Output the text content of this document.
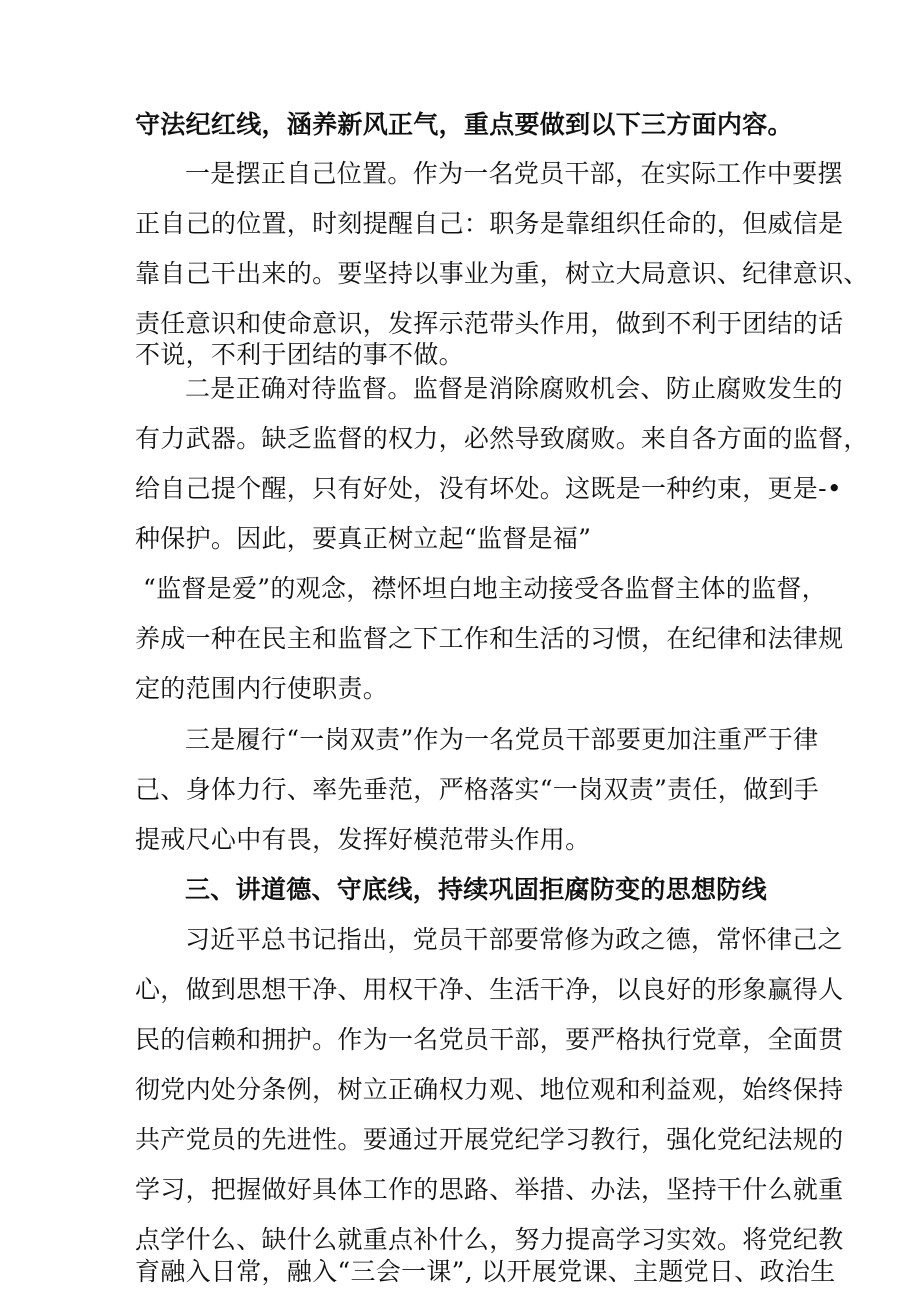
守法纪红线，涵养新风正气，重点要做到以下三方面内容。
一是摆正自己位置。作为一名党员干部，在实际工作中要摆
正自己的位置，时刻提醒自己：职务是靠组织任命的，但威信是
靠自己干出来的。要坚持以事业为重，树立大局意识、纪律意识、
责任意识和使命意识，发挥示范带头作用，做到不利于团结的话
不说，不利于团结的事不做。
二是正确对待监督。监督是消除腐败机会、防止腐败发生的
有力武器。缺乏监督的权力，必然导致腐败。来自各方面的监督，
给自己提个醒，只有好处，没有坏处。这既是一种约束，更是-•
种保护。因此，要真正树立起“监督是福”
“监督是爱”的观念，襟怀坦白地主动接受各监督主体的监督，
养成一种在民主和监督之下工作和生活的习惯，在纪律和法律规
定的范围内行使职责。
三是履行“一岗双责”作为一名党员干部要更加注重严于律
己、身体力行、率先垂范，严格落实“一岗双责”责任，做到手
提戒尺心中有畏，发挥好模范带头作用。
三、讲道德、守底线，持续巩固拒腐防变的思想防线
习近平总书记指出，党员干部要常修为政之德，常怀律己之
心，做到思想干净、用权干净、生活干净，以良好的形象赢得人
民的信赖和拥护。作为一名党员干部，要严格执行党章，全面贯
彻党内处分条例，树立正确权力观、地位观和利益观，始终保持
共产党员的先进性。要通过开展党纪学习教行，强化党纪法规的
学习，把握做好具体工作的思路、举措、办法，坚持干什么就重
点学什么、缺什么就重点补什么，努力提高学习实效。将党纪教
育融入日常，融入“三会一课”, 以开展党课、主题党日、政治生
